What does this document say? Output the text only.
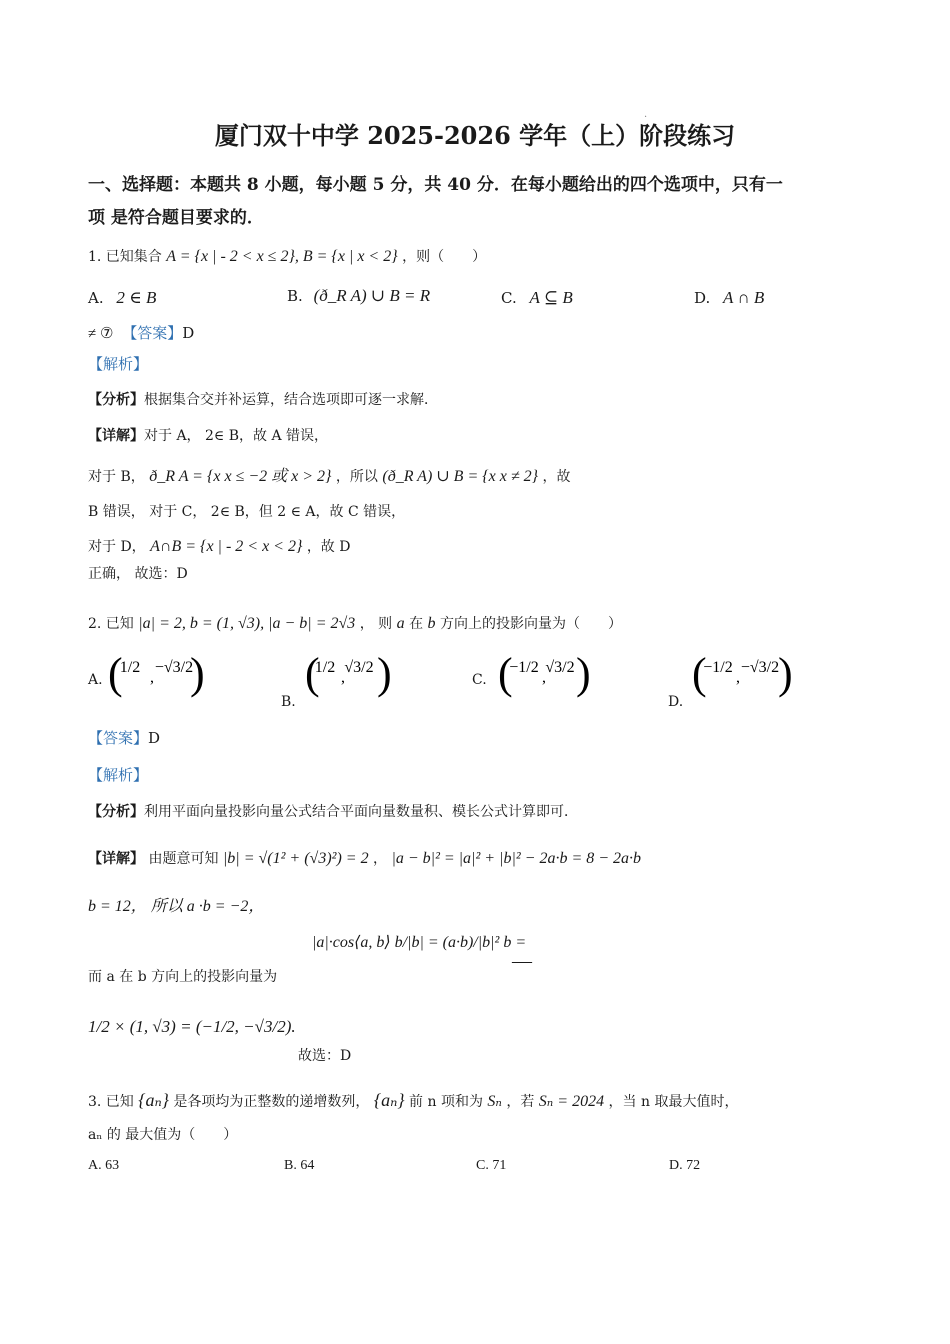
·
厦门双十中学 2025-2026 学年（上）阶段练习
一、选择题：本题共 8 小题，每小题 5 分，共 40 分．在每小题给出的四个选项中，只有一
项 是符合题目要求的．
1. 已知集合 A = {x | - 2 < x ≤ 2}, B = {x | x < 2} ，则（　　）
A. 2 ∈ B	B. (ð_R A) ∪ B = R	C. A ⊆ B	D. A ∩ B
≠ ⑦ 【答案】D
【解析】
【分析】根据集合交并补运算，结合选项即可逐一求解．
【详解】对于 A， 2∈ B，故 A 错误，
对于 B， ð_R A = {x x ≤ −2 或 x > 2} ，所以 (ð_R A) ∪ B = {x x ≠ 2} ，故
B 错误， 对于 C， 2∈ B，但 2 ∈ A，故 C 错误，
对于 D， A∩B = {x | - 2 < x < 2} ，故 D
正确， 故选：D
2. 已知 |a| = 2, b = (1, √3), |a − b| = 2√3 ， 则 a 在 b 方向上的投影向量为（　　）
A. (
1/2
,
−√3/2
)
B.
(
1/2
,
√3/2 )	C. (
−1/2
,
√3/2 )
D.
(
−1/2
,
−√3/2
)
【答案】D
【解析】
【分析】利用平面向量投影向量公式结合平面向量数量积、模长公式计算即可．
【详解】 由题意可知 |b| = √(1² + (√3)²) = 2 ， |a − b|² = |a|² + |b|² − 2a·b = 8 − 2a·b
b = 12， 所以 a ·b = −2，
|a|·cos⟨a, b⟩ b/|b| = (a·b)/|b|² b =
—
而 a 在 b 方向上的投影向量为
1/2 × (1, √3) = (−1/2, −√3/2).
故选：D
3. 已知 {aₙ} 是各项均为正整数的递增数列， {aₙ} 前 n 项和为 Sₙ ，若 Sₙ = 2024 ，当 n 取最大值时，
aₙ 的 最大值为（　　）
A. 63	B. 64	C. 71	D. 72
